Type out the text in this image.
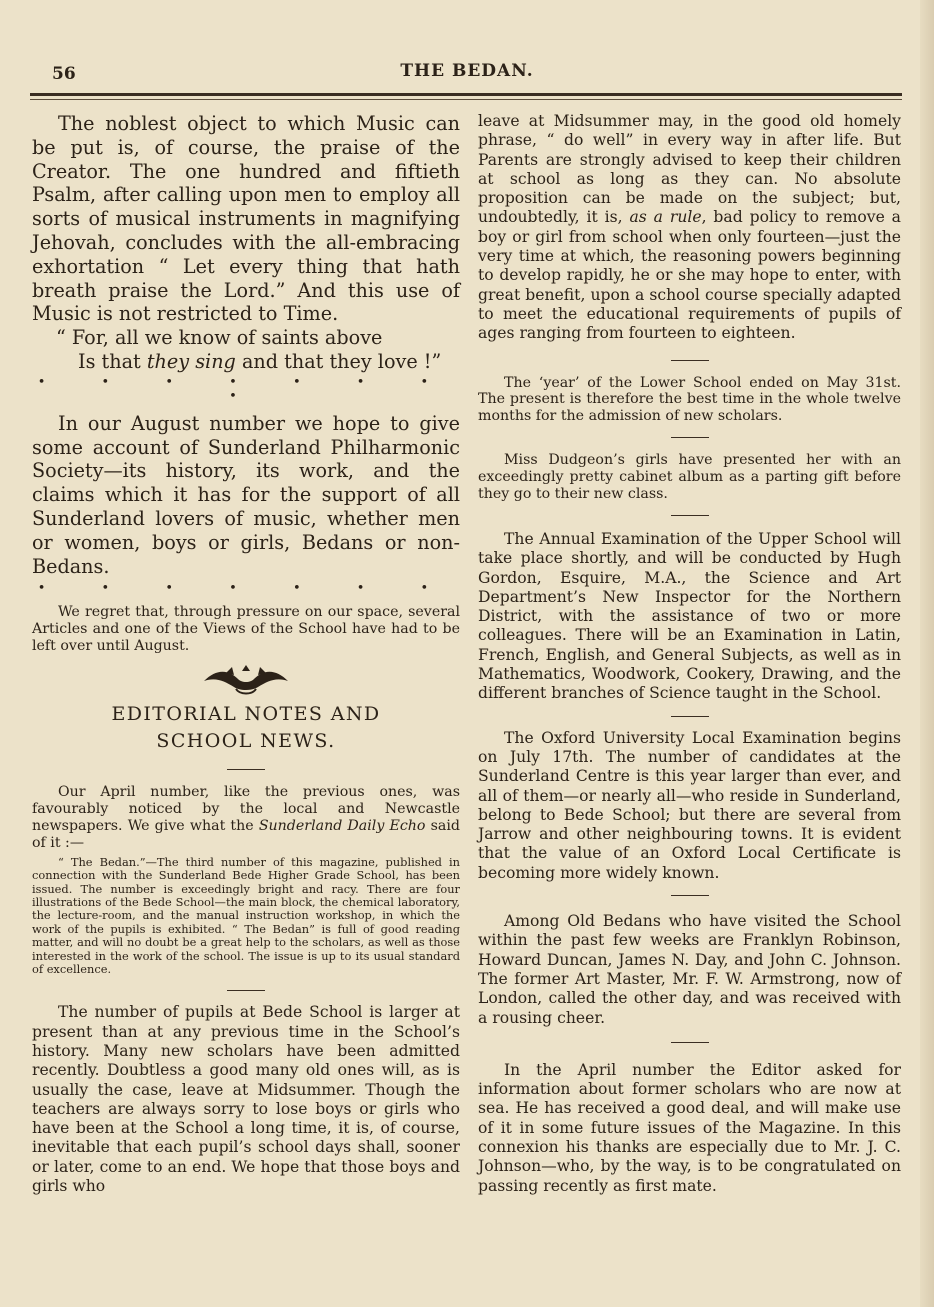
56	THE BEDAN.

The noblest object to which Music can be put is, of course, the praise of the Creator. The one hundred and fiftieth Psalm, after calling upon men to employ all sorts of musical instruments in magnifying Jehovah, concludes with the all-embracing exhortation “ Let every thing that hath breath praise the Lord.” And this use of Music is not restricted to Time.

“ For, all we know of saints above
Is that they sing and that they love !”

• • • • • • • •

In our August number we hope to give some account of Sunderland Philharmonic Society—its history, its work, and the claims which it has for the support of all Sunderland lovers of music, whether men or women, boys or girls, Bedans or non-Bedans.

• • • • • • •

We regret that, through pressure on our space, several Articles and one of the Views of the School have had to be left over until August.

EDITORIAL NOTES AND
SCHOOL NEWS.

Our April number, like the previous ones, was favourably noticed by the local and Newcastle newspapers. We give what the Sunderland Daily Echo said of it :—

“ The Bedan.”—The third number of this magazine, published in connection with the Sunderland Bede Higher Grade School, has been issued. The number is exceedingly bright and racy. There are four illustrations of the Bede School—the main block, the chemical laboratory, the lecture-room, and the manual instruction workshop, in which the work of the pupils is exhibited. “ The Bedan” is full of good reading matter, and will no doubt be a great help to the scholars, as well as those interested in the work of the school. The issue is up to its usual standard of excellence.

The number of pupils at Bede School is larger at present than at any previous time in the School’s history. Many new scholars have been admitted recently. Doubtless a good many old ones will, as is usually the case, leave at Midsummer. Though the teachers are always sorry to lose boys or girls who have been at the School a long time, it is, of course, inevitable that each pupil’s school days shall, sooner or later, come to an end. We hope that those boys and girls who

leave at Midsummer may, in the good old homely phrase, “ do well” in every way in after life. But Parents are strongly advised to keep their children at school as long as they can. No absolute proposition can be made on the subject; but, undoubtedly, it is, as a rule, bad policy to remove a boy or girl from school when only fourteen—just the very time at which, the reasoning powers beginning to develop rapidly, he or she may hope to enter, with great benefit, upon a school course specially adapted to meet the educational requirements of pupils of ages ranging from fourteen to eighteen.

The ‘year’ of the Lower School ended on May 31st. The present is therefore the best time in the whole twelve months for the admission of new scholars.

Miss Dudgeon’s girls have presented her with an exceedingly pretty cabinet album as a parting gift before they go to their new class.

The Annual Examination of the Upper School will take place shortly, and will be conducted by Hugh Gordon, Esquire, M.A., the Science and Art Department’s New Inspector for the Northern District, with the assistance of two or more colleagues. There will be an Examination in Latin, French, English, and General Subjects, as well as in Mathematics, Woodwork, Cookery, Drawing, and the different branches of Science taught in the School.

The Oxford University Local Examination begins on July 17th. The number of candidates at the Sunderland Centre is this year larger than ever, and all of them—or nearly all—who reside in Sunderland, belong to Bede School; but there are several from Jarrow and other neighbouring towns. It is evident that the value of an Oxford Local Certificate is becoming more widely known.

Among Old Bedans who have visited the School within the past few weeks are Franklyn Robinson, Howard Duncan, James N. Day, and John C. Johnson. The former Art Master, Mr. F. W. Armstrong, now of London, called the other day, and was received with a rousing cheer.

In the April number the Editor asked for information about former scholars who are now at sea. He has received a good deal, and will make use of it in some future issues of the Magazine. In this connexion his thanks are especially due to Mr. J. C. Johnson—who, by the way, is to be congratulated on passing recently as first mate.
